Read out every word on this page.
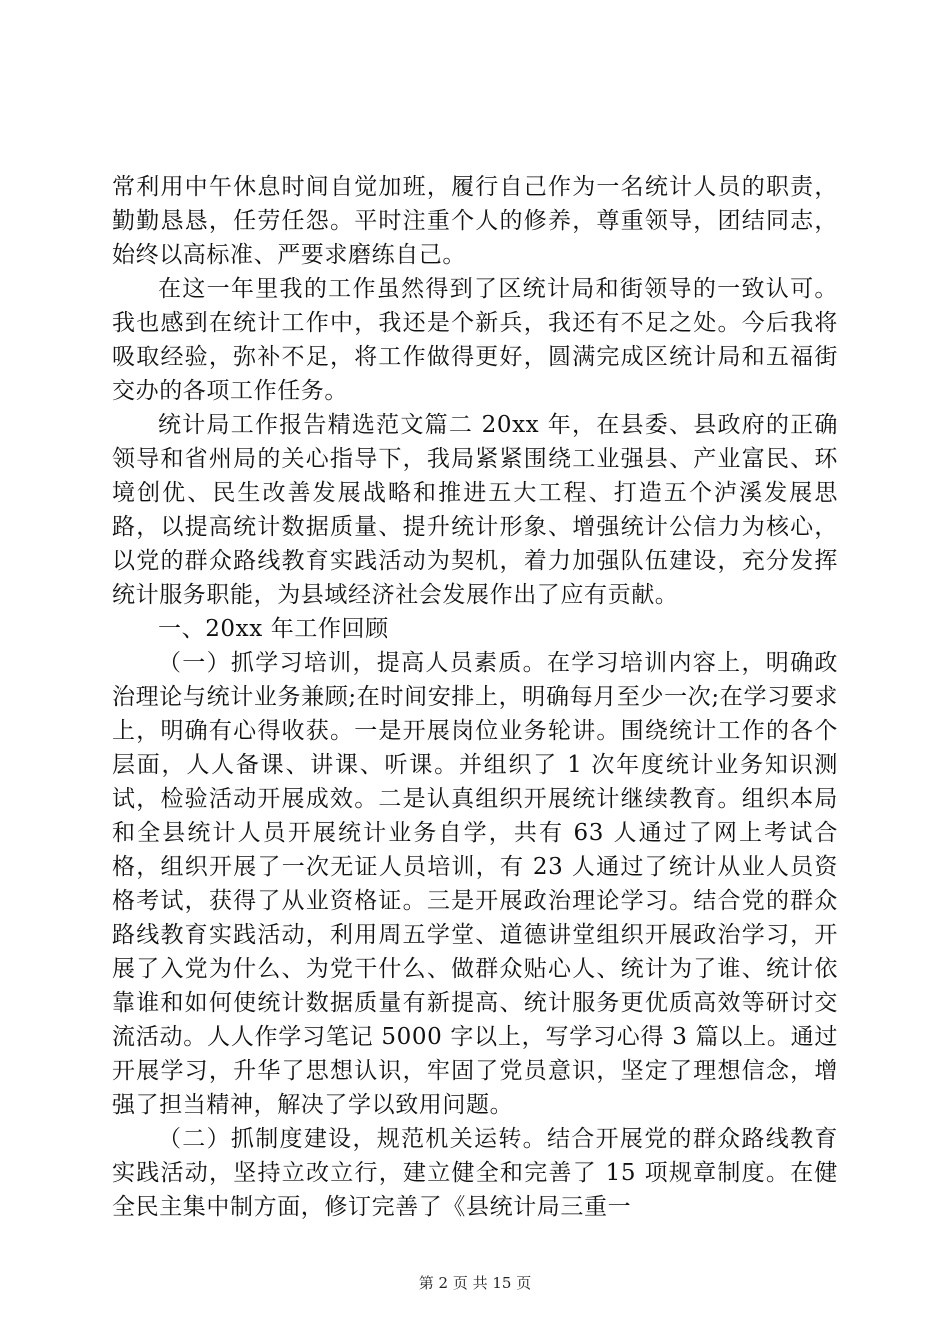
常利用中午休息时间自觉加班，履行自己作为一名统计人员的职责，勤勤恳恳，任劳任怨。平时注重个人的修养，尊重领导，团结同志，始终以高标准、严要求磨练自己。

在这一年里我的工作虽然得到了区统计局和街领导的一致认可。我也感到在统计工作中，我还是个新兵，我还有不足之处。今后我将吸取经验，弥补不足，将工作做得更好，圆满完成区统计局和五福街交办的各项工作任务。

统计局工作报告精选范文篇二 20xx 年，在县委、县政府的正确领导和省州局的关心指导下，我局紧紧围绕工业强县、产业富民、环境创优、民生改善发展战略和推进五大工程、打造五个泸溪发展思路，以提高统计数据质量、提升统计形象、增强统计公信力为核心，以党的群众路线教育实践活动为契机，着力加强队伍建设，充分发挥统计服务职能，为县域经济社会发展作出了应有贡献。

一、20xx 年工作回顾

（一）抓学习培训，提高人员素质。在学习培训内容上，明确政治理论与统计业务兼顾;在时间安排上，明确每月至少一次;在学习要求上，明确有心得收获。一是开展岗位业务轮讲。围绕统计工作的各个层面，人人备课、讲课、听课。并组织了 1 次年度统计业务知识测试，检验活动开展成效。二是认真组织开展统计继续教育。组织本局和全县统计人员开展统计业务自学，共有 63 人通过了网上考试合格，组织开展了一次无证人员培训，有 23 人通过了统计从业人员资格考试，获得了从业资格证。三是开展政治理论学习。结合党的群众路线教育实践活动，利用周五学堂、道德讲堂组织开展政治学习，开展了入党为什么、为党干什么、做群众贴心人、统计为了谁、统计依靠谁和如何使统计数据质量有新提高、统计服务更优质高效等研讨交流活动。人人作学习笔记 5000 字以上，写学习心得 3 篇以上。通过开展学习，升华了思想认识，牢固了党员意识，坚定了理想信念，增强了担当精神，解决了学以致用问题。

（二）抓制度建设，规范机关运转。结合开展党的群众路线教育实践活动，坚持立改立行，建立健全和完善了 15 项规章制度。在健全民主集中制方面，修订完善了《县统计局三重一

第 2 页 共 15 页
